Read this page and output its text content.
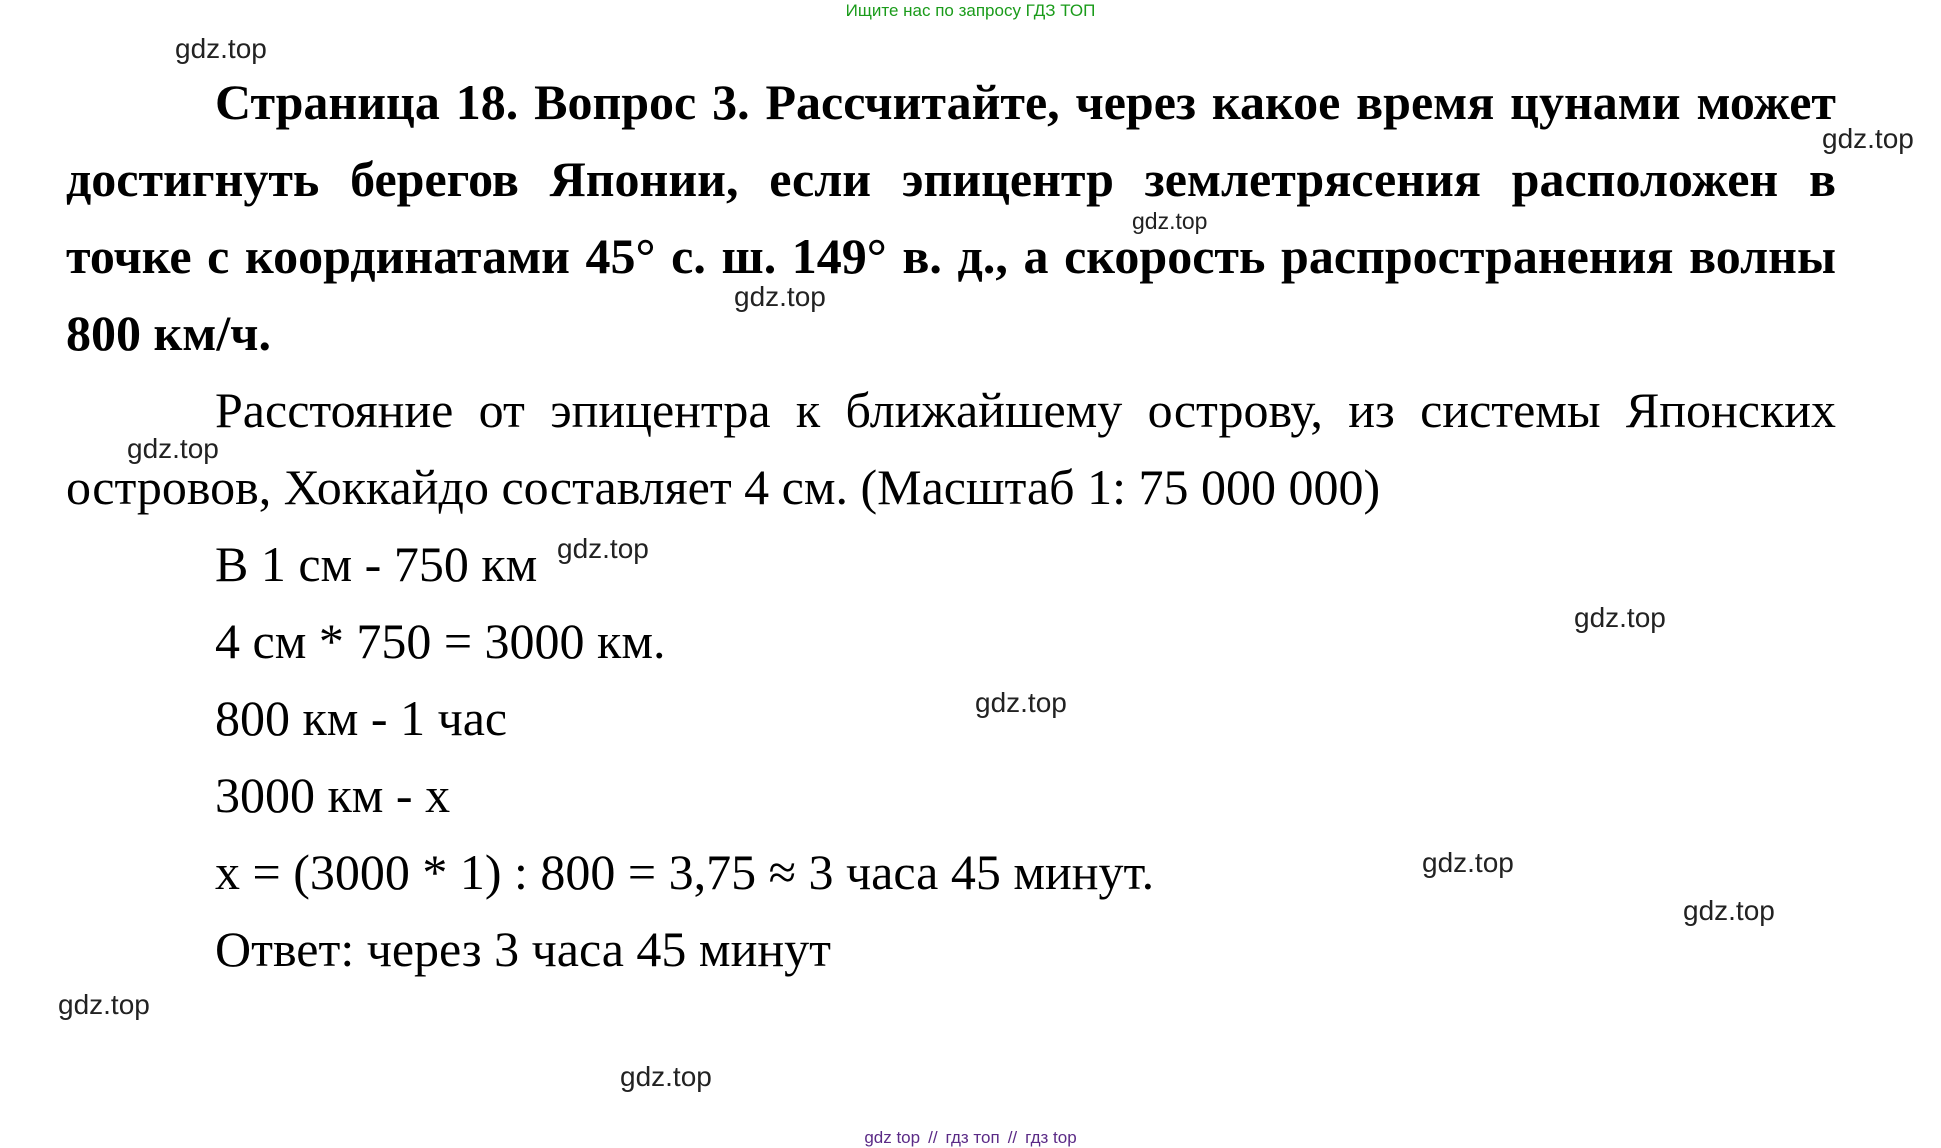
Ищите нас по запросу ГДЗ ТОП

Страница 18. Вопрос 3. Рассчитайте, через какое время цунами может достигнуть берегов Японии, если эпицентр землетрясения расположен в точке с координатами 45° с. ш. 149° в. д., а скорость распространения волны 800 км/ч.

Расстояние от эпицентра к ближайшему острову, из системы Японских островов, Хоккайдо составляет 4 см. (Масштаб 1: 75 000 000)

В 1 см - 750 км

4 см * 750 = 3000 км.

800 км - 1 час

3000 км - х

х = (3000 * 1) : 800 = 3,75 ≈ 3 часа 45 минут.

Ответ: через 3 часа 45 минут

gdz.top
gdz.top
gdz.top
gdz.top
gdz.top
gdz.top
gdz.top
gdz.top
gdz.top
gdz.top
gdz.top
gdz.top
gdz top // гдз топ // гдз top
